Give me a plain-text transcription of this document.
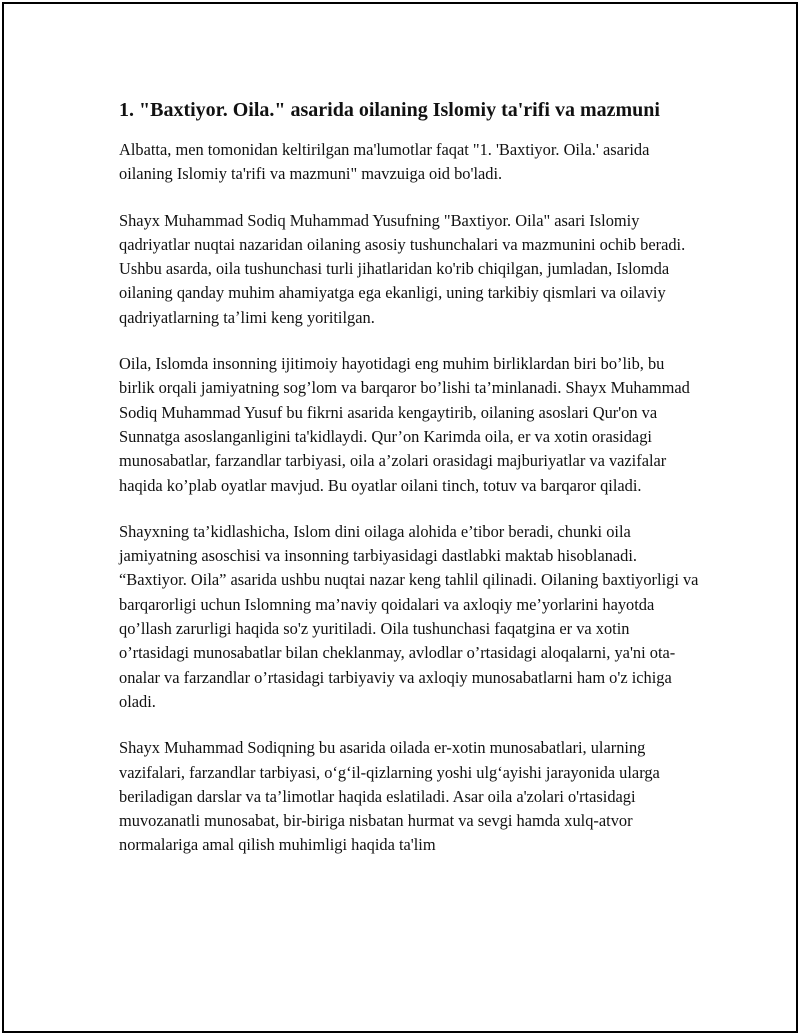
1. "Baxtiyor. Oila." asarida oilaning Islomiy ta'rifi va mazmuni

Albatta, men tomonidan keltirilgan ma'lumotlar faqat "1. 'Baxtiyor. Oila.' asarida oilaning Islomiy ta'rifi va mazmuni" mavzuiga oid bo'ladi.

Shayx Muhammad Sodiq Muhammad Yusufning "Baxtiyor. Oila" asari Islomiy qadriyatlar nuqtai nazaridan oilaning asosiy tushunchalari va mazmunini ochib beradi. Ushbu asarda, oila tushunchasi turli jihatlaridan ko'rib chiqilgan, jumladan, Islomda oilaning qanday muhim ahamiyatga ega ekanligi, uning tarkibiy qismlari va oilaviy qadriyatlarning taʼlimi keng yoritilgan.

Oila, Islomda insonning ijitimoiy hayotidagi eng muhim birliklardan biri bo’lib, bu birlik orqali jamiyatning sog’lom va barqaror bo’lishi ta’minlanadi. Shayx Muhammad Sodiq Muhammad Yusuf bu fikrni asarida kengaytirib, oilaning asoslari Qur'on va Sunnatga asoslanganligini ta'kidlaydi. Qur’on Karimda oila, er va xotin orasidagi munosabatlar, farzandlar tarbiyasi, oila a’zolari orasidagi majburiyatlar va vazifalar haqida ko’plab oyatlar mavjud. Bu oyatlar oilani tinch, totuv va barqaror qiladi.

Shayxning ta’kidlashicha, Islom dini oilaga alohida e’tibor beradi, chunki oila jamiyatning asoschisi va insonning tarbiyasidagi dastlabki maktab hisoblanadi. “Baxtiyor. Oila” asarida ushbu nuqtai nazar keng tahlil qilinadi. Oilaning baxtiyorligi va barqarorligi uchun Islomning ma’naviy qoidalari va axloqiy me’yorlarini hayotda qo’llash zarurligi haqida so'z yuritiladi. Oila tushunchasi faqatgina er va xotin o’rtasidagi munosabatlar bilan cheklanmay, avlodlar o’rtasidagi aloqalarni, ya'ni ota-onalar va farzandlar o’rtasidagi tarbiyaviy va axloqiy munosabatlarni ham o'z ichiga oladi.

Shayx Muhammad Sodiqning bu asarida oilada er-xotin munosabatlari, ularning vazifalari, farzandlar tarbiyasi, o‘g‘il-qizlarning yoshi ulg‘ayishi jarayonida ularga beriladigan darslar va ta’limotlar haqida eslatiladi. Asar oila a'zolari o'rtasidagi muvozanatli munosabat, bir-biriga nisbatan hurmat va sevgi hamda xulq-atvor normalariga amal qilish muhimligi haqida ta'lim
